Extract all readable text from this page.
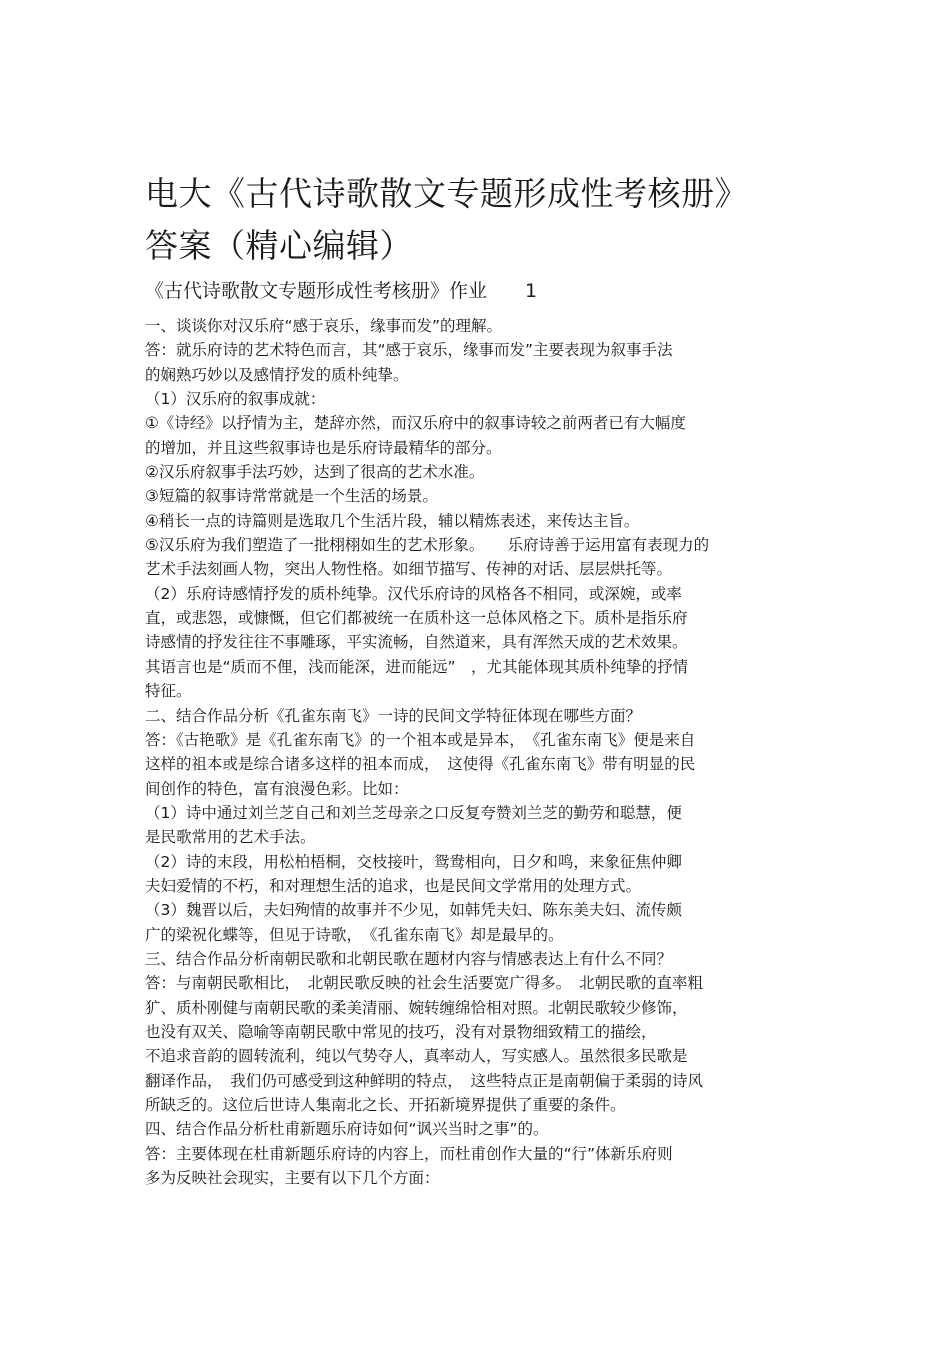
电大《古代诗歌散文专题形成性考核册》
答案（精心编辑）
《古代诗歌散文专题形成性考核册》作业 1
一、谈谈你对汉乐府“感于哀乐，缘事而发”的理解。
答：就乐府诗的艺术特色而言，其“感于哀乐，缘事而发”主要表现为叙事手法
的娴熟巧妙以及感情抒发的质朴纯挚。
（1）汉乐府的叙事成就：
①《诗经》以抒情为主，楚辞亦然，而汉乐府中的叙事诗较之前两者已有大幅度
的增加，并且这些叙事诗也是乐府诗最精华的部分。
②汉乐府叙事手法巧妙，达到了很高的艺术水准。
③短篇的叙事诗常常就是一个生活的场景。
④稍长一点的诗篇则是选取几个生活片段，辅以精炼表述，来传达主旨。
⑤汉乐府为我们塑造了一批栩栩如生的艺术形象。　　乐府诗善于运用富有表现力的
艺术手法刻画人物，突出人物性格。如细节描写、传神的对话、层层烘托等。
（2）乐府诗感情抒发的质朴纯挚。汉代乐府诗的风格各不相同，或深婉，或率
直，或悲怨，或慷慨，但它们都被统一在质朴这一总体风格之下。质朴是指乐府
诗感情的抒发往往不事雕琢，平实流畅，自然道来，具有浑然天成的艺术效果。
其语言也是“质而不俚，浅而能深，进而能远”　，尤其能体现其质朴纯挚的抒情
特征。
二、结合作品分析《孔雀东南飞》一诗的民间文学特征体现在哪些方面？
答：《古艳歌》是《孔雀东南飞》的一个祖本或是异本，　《孔雀东南飞》便是来自
这样的祖本或是综合诸多这样的祖本而成，　这使得《孔雀东南飞》带有明显的民
间创作的特色，富有浪漫色彩。比如：
（1）诗中通过刘兰芝自己和刘兰芝母亲之口反复夸赞刘兰芝的勤劳和聪慧，便
是民歌常用的艺术手法。
（2）诗的末段，用松柏梧桐，交枝接叶，鸳鸯相向，日夕和鸣，来象征焦仲卿
夫妇爱情的不朽，和对理想生活的追求，也是民间文学常用的处理方式。
（3）魏晋以后，夫妇殉情的故事并不少见，如韩凭夫妇、陈东美夫妇、流传颇
广的梁祝化蝶等，但见于诗歌，　《孔雀东南飞》却是最早的。
三、结合作品分析南朝民歌和北朝民歌在题材内容与情感表达上有什么不同？
答：与南朝民歌相比，　北朝民歌反映的社会生活要宽广得多。　北朝民歌的直率粗
犷、质朴刚健与南朝民歌的柔美清丽、婉转缠绵恰相对照。北朝民歌较少修饰，
也没有双关、隐喻等南朝民歌中常见的技巧，没有对景物细致精工的描绘，
不追求音韵的圆转流利，纯以气势夺人，真率动人，写实感人。虽然很多民歌是
翻译作品，　我们仍可感受到这种鲜明的特点，　这些特点正是南朝偏于柔弱的诗风
所缺乏的。这位后世诗人集南北之长、开拓新境界提供了重要的条件。
四、结合作品分析杜甫新题乐府诗如何“讽兴当时之事”的。
答：主要体现在杜甫新题乐府诗的内容上，而杜甫创作大量的“行”体新乐府则
多为反映社会现实，主要有以下几个方面：
